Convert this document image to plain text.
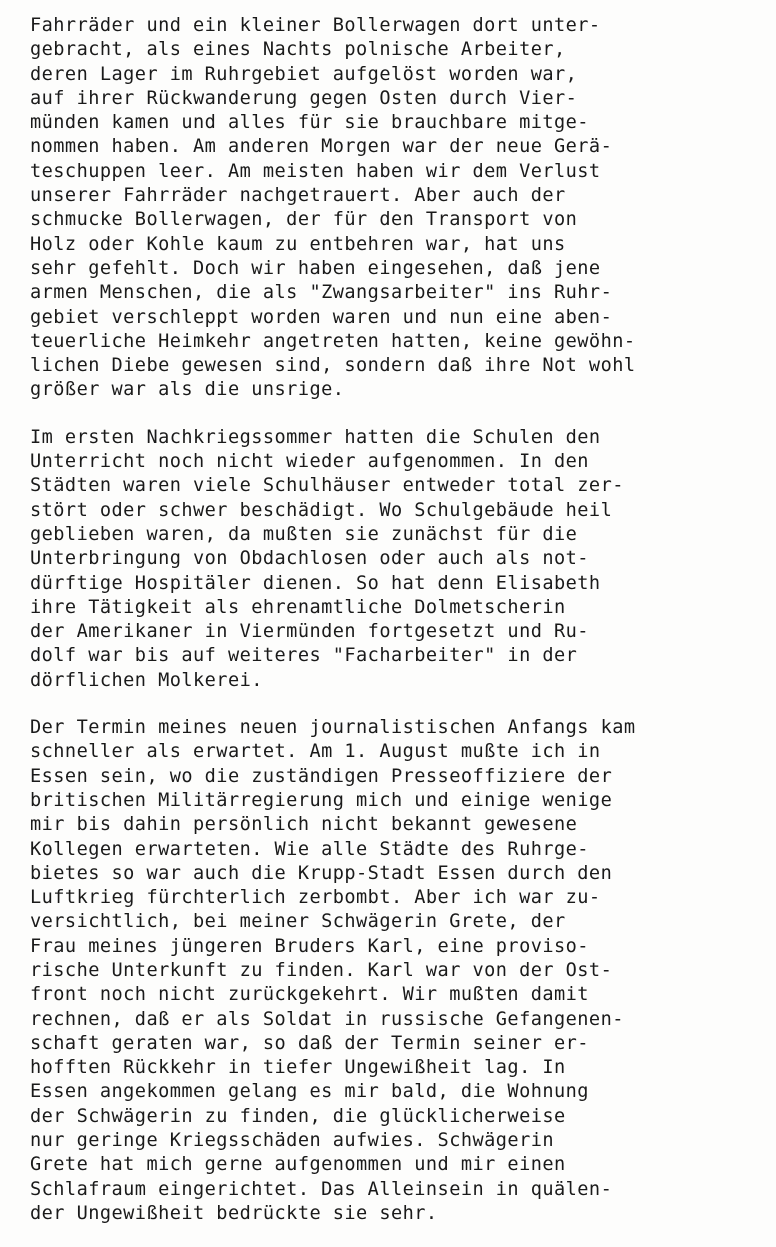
Fahrräder und ein kleiner Bollerwagen dort unter-
gebracht, als eines Nachts polnische Arbeiter,
deren Lager im Ruhrgebiet aufgelöst worden war,
auf ihrer Rückwanderung gegen Osten durch Vier-
münden kamen und alles für sie brauchbare mitge-
nommen haben. Am anderen Morgen war der neue Gerä-
teschuppen leer. Am meisten haben wir dem Verlust
unserer Fahrräder nachgetrauert. Aber auch der
schmucke Bollerwagen, der für den Transport von
Holz oder Kohle kaum zu entbehren war, hat uns
sehr gefehlt. Doch wir haben eingesehen, daß jene
armen Menschen, die als "Zwangsarbeiter" ins Ruhr-
gebiet verschleppt worden waren und nun eine aben-
teuerliche Heimkehr angetreten hatten, keine gewöhn-
lichen Diebe gewesen sind, sondern daß ihre Not wohl
größer war als die unsrige.
Im ersten Nachkriegssommer hatten die Schulen den
Unterricht noch nicht wieder aufgenommen. In den
Städten waren viele Schulhäuser entweder total zer-
stört oder schwer beschädigt. Wo Schulgebäude heil
geblieben waren, da mußten sie zunächst für die
Unterbringung von Obdachlosen oder auch als not-
dürftige Hospitäler dienen. So hat denn Elisabeth
ihre Tätigkeit als ehrenamtliche Dolmetscherin
der Amerikaner in Viermünden fortgesetzt und Ru-
dolf war bis auf weiteres "Facharbeiter" in der
dörflichen Molkerei.
Der Termin meines neuen journalistischen Anfangs kam
schneller als erwartet. Am 1. August mußte ich in
Essen sein, wo die zuständigen Presseoffiziere der
britischen Militärregierung mich und einige wenige
mir bis dahin persönlich nicht bekannt gewesene
Kollegen erwarteten. Wie alle Städte des Ruhrge-
bietes so war auch die Krupp-Stadt Essen durch den
Luftkrieg fürchterlich zerbombt. Aber ich war zu-
versichtlich, bei meiner Schwägerin Grete, der
Frau meines jüngeren Bruders Karl, eine proviso-
rische Unterkunft zu finden. Karl war von der Ost-
front noch nicht zurückgekehrt. Wir mußten damit
rechnen, daß er als Soldat in russische Gefangenen-
schaft geraten war, so daß der Termin seiner er-
hofften Rückkehr in tiefer Ungewißheit lag. In
Essen angekommen gelang es mir bald, die Wohnung
der Schwägerin zu finden, die glücklicherweise
nur geringe Kriegsschäden aufwies. Schwägerin
Grete hat mich gerne aufgenommen und mir einen
Schlafraum eingerichtet. Das Alleinsein in quälen-
der Ungewißheit bedrückte sie sehr.
